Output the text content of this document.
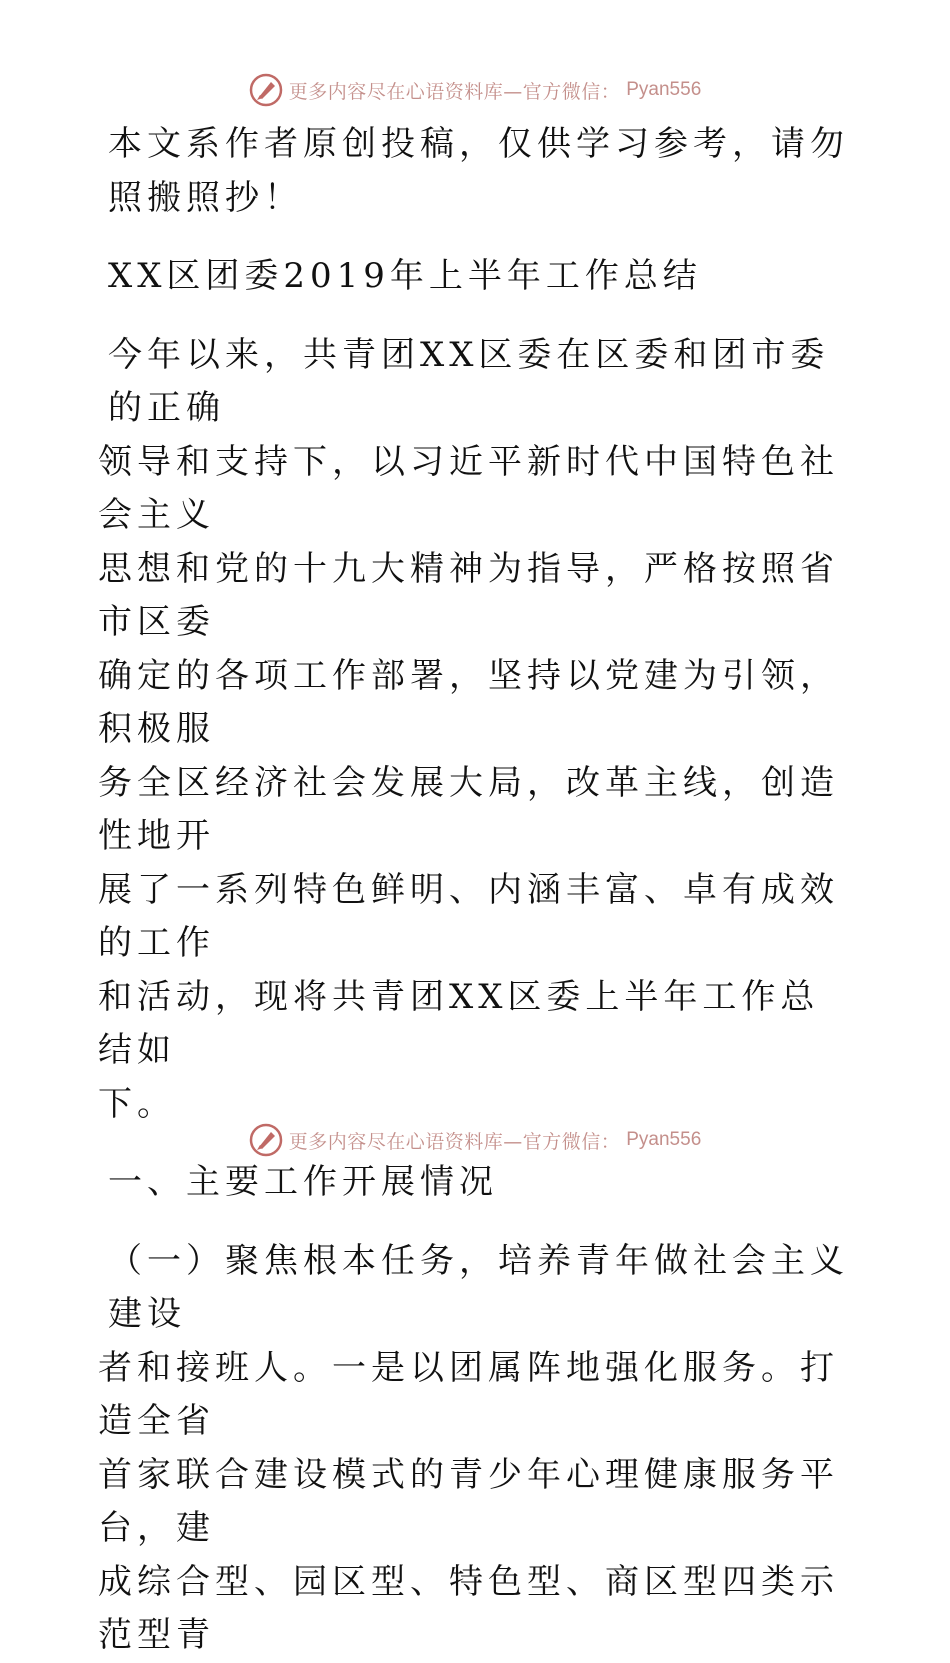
更多内容尽在心语资料库—官方微信： Pyan556

本文系作者原创投稿，仅供学习参考，请勿照搬照抄！

XX区团委2019年上半年工作总结

今年以来，共青团XX区委在区委和团市委的正确

领导和支持下，以习近平新时代中国特色社会主义

思想和党的十九大精神为指导，严格按照省市区委

确定的各项工作部署，坚持以党建为引领，积极服

务全区经济社会发展大局，改革主线，创造性地开

展了一系列特色鲜明、内涵丰富、卓有成效的工作

和活动，现将共青团XX区委上半年工作总结如

下。

一、主要工作开展情况

（一）聚焦根本任务，培养青年做社会主义建设

者和接班人。一是以团属阵地强化服务。打造全省

首家联合建设模式的青少年心理健康服务平台，建

成综合型、园区型、特色型、商区型四类示范型青

更多内容尽在心语资料库—官方微信： Pyan556
